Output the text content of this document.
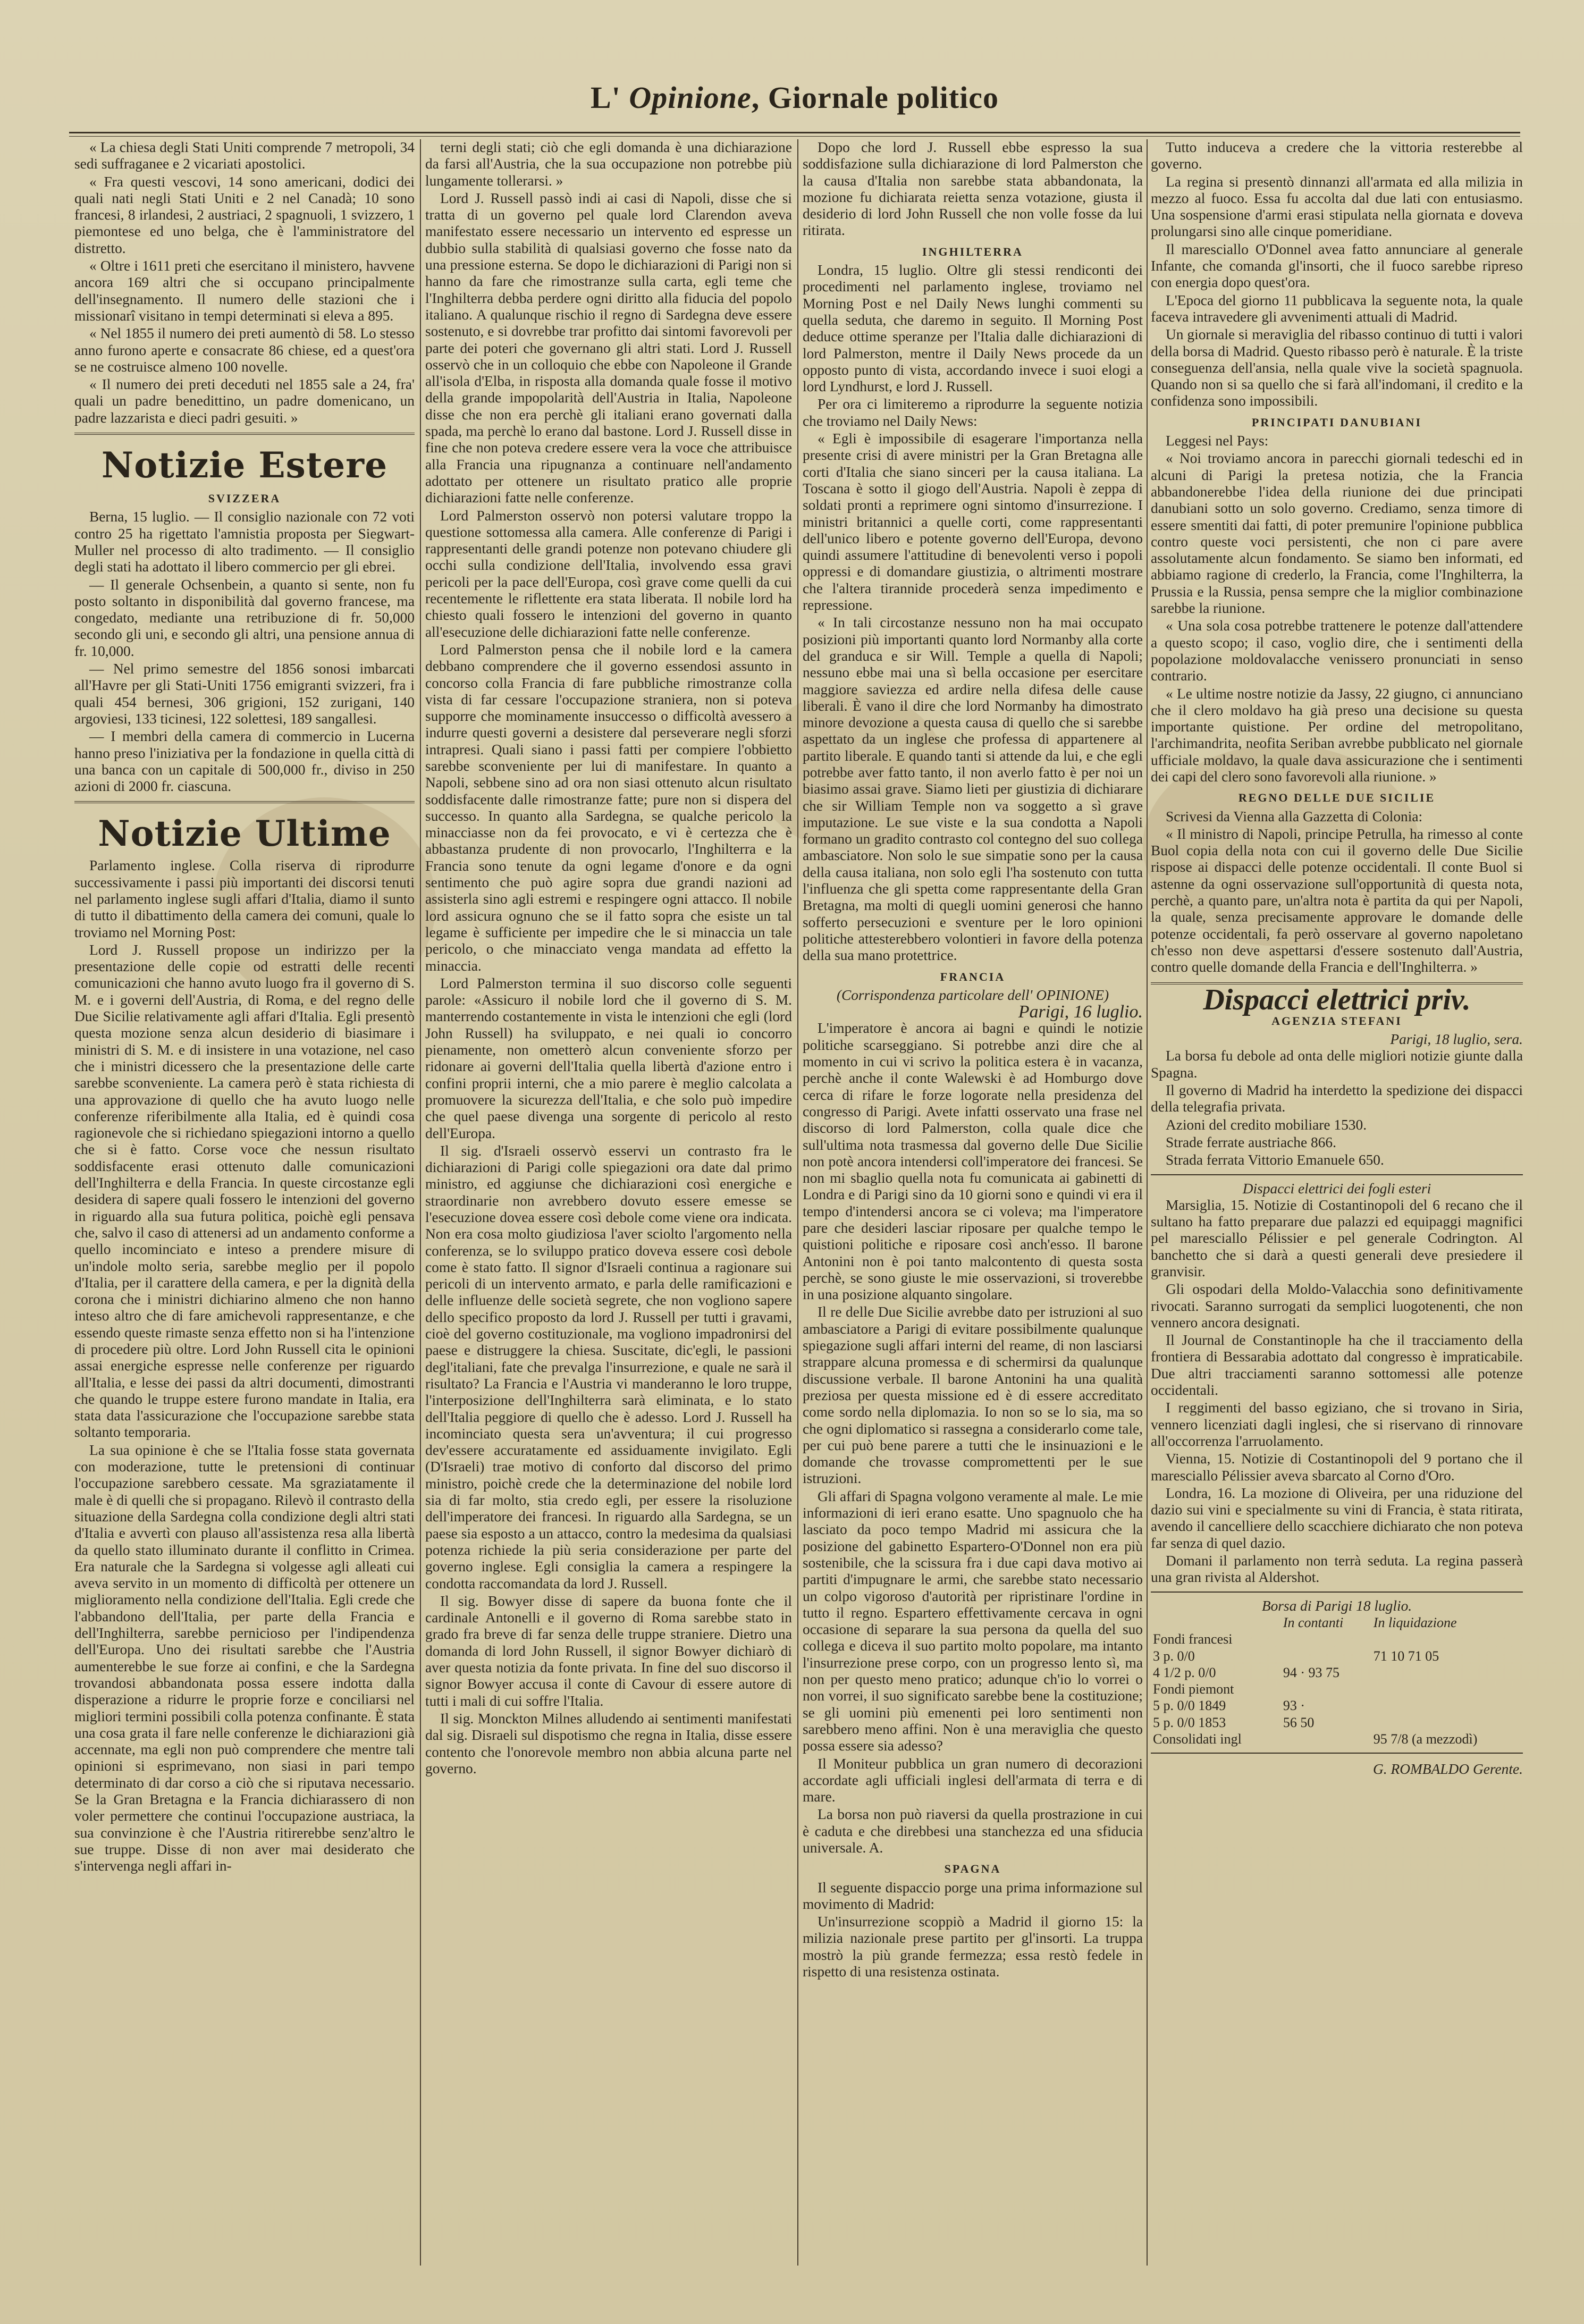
L' Opinione, Giornale politico

« La chiesa degli Stati Uniti comprende 7 metropoli, 34 sedi suffraganee e 2 vicariati apostolici.

« Fra questi vescovi, 14 sono americani, dodici dei quali nati negli Stati Uniti e 2 nel Canadà; 10 sono francesi, 8 irlandesi, 2 austriaci, 2 spagnuoli, 1 svizzero, 1 piemontese ed uno belga, che è l'amministratore del distretto.

« Oltre i 1611 preti che esercitano il ministero, havvene ancora 169 altri che si occupano principalmente dell'insegnamento. Il numero delle stazioni che i missionarî visitano in tempi determinati si eleva a 895.

« Nel 1855 il numero dei preti aumentò di 58. Lo stesso anno furono aperte e consacrate 86 chiese, ed a quest'ora se ne costruisce almeno 100 novelle.

« Il numero dei preti deceduti nel 1855 sale a 24, fra' quali un padre benedittino, un padre domenicano, un padre lazzarista e dieci padri gesuiti. »

Notizie Estere
SVIZZERA

Berna, 15 luglio. — Il consiglio nazionale con 72 voti contro 25 ha rigettato l'amnistia proposta per Siegwart-Muller nel processo di alto tradimento. — Il consiglio degli stati ha adottato il libero commercio per gli ebrei.

— Il generale Ochsenbein, a quanto si sente, non fu posto soltanto in disponibilità dal governo francese, ma congedato, mediante una retribuzione di fr. 50,000 secondo gli uni, e secondo gli altri, una pensione annua di fr. 10,000.

— Nel primo semestre del 1856 sonosi imbarcati all'Havre per gli Stati-Uniti 1756 emigranti svizzeri, fra i quali 454 bernesi, 306 grigioni, 152 zurigani, 140 argoviesi, 133 ticinesi, 122 solettesi, 189 sangallesi.

— I membri della camera di commercio in Lucerna hanno preso l'iniziativa per la fondazione in quella città di una banca con un capitale di 500,000 fr., diviso in 250 azioni di 2000 fr. ciascuna.

Notizie Ultime

Parlamento inglese. Colla riserva di riprodurre successivamente i passi più importanti dei discorsi tenuti nel parlamento inglese sugli affari d'Italia, diamo il sunto di tutto il dibattimento della camera dei comuni, quale lo troviamo nel Morning Post:

Lord J. Russell propose un indirizzo per la presentazione delle copie od estratti delle recenti comunicazioni che hanno avuto luogo fra il governo di S. M. e i governi dell'Austria, di Roma, e del regno delle Due Sicilie relativamente agli affari d'Italia. Egli presentò questa mozione senza alcun desiderio di biasimare i ministri di S. M. e di insistere in una votazione, nel caso che i ministri dicessero che la presentazione delle carte sarebbe sconveniente. La camera però è stata richiesta di una approvazione di quello che ha avuto luogo nelle conferenze riferibilmente alla Italia, ed è quindi cosa ragionevole che si richiedano spiegazioni intorno a quello che si è fatto. Corse voce che nessun risultato soddisfacente erasi ottenuto dalle comunicazioni dell'Inghilterra e della Francia. In queste circostanze egli desidera di sapere quali fossero le intenzioni del governo in riguardo alla sua futura politica, poichè egli pensava che, salvo il caso di attenersi ad un andamento conforme a quello incominciato e inteso a prendere misure di un'indole molto seria, sarebbe meglio per il popolo d'Italia, per il carattere della camera, e per la dignità della corona che i ministri dichiarino almeno che non hanno inteso altro che di fare amichevoli rappresentanze, e che essendo queste rimaste senza effetto non si ha l'intenzione di procedere più oltre. Lord John Russell cita le opinioni assai energiche espresse nelle conferenze per riguardo all'Italia, e lesse dei passi da altri documenti, dimostranti che quando le truppe estere furono mandate in Italia, era stata data l'assicurazione che l'occupazione sarebbe stata soltanto temporaria.

La sua opinione è che se l'Italia fosse stata governata con moderazione, tutte le pretensioni di continuar l'occupazione sarebbero cessate. Ma sgraziatamente il male è di quelli che si propagano. Rilevò il contrasto della situazione della Sardegna colla condizione degli altri stati d'Italia e avvertì con plauso all'assistenza resa alla libertà da quello stato illuminato durante il conflitto in Crimea. Era naturale che la Sardegna si volgesse agli alleati cui aveva servito in un momento di difficoltà per ottenere un miglioramento nella condizione dell'Italia. Egli crede che l'abbandono dell'Italia, per parte della Francia e dell'Inghilterra, sarebbe pernicioso per l'indipendenza dell'Europa. Uno dei risultati sarebbe che l'Austria aumenterebbe le sue forze ai confini, e che la Sardegna trovandosi abbandonata possa essere indotta dalla disperazione a ridurre le proprie forze e conciliarsi nel migliori termini possibili colla potenza confinante. È stata una cosa grata il fare nelle conferenze le dichiarazioni già accennate, ma egli non può comprendere che mentre tali opinioni si esprimevano, non siasi in pari tempo determinato di dar corso a ciò che si riputava necessario. Se la Gran Bretagna e la Francia dichiarassero di non voler permettere che continui l'occupazione austriaca, la sua convinzione è che l'Austria ritirerebbe senz'altro le sue truppe. Disse di non aver mai desiderato che s'intervenga negli affari in-

terni degli stati; ciò che egli domanda è una dichiarazione da farsi all'Austria, che la sua occupazione non potrebbe più lungamente tollerarsi. »

Lord J. Russell passò indi ai casi di Napoli, disse che si tratta di un governo pel quale lord Clarendon aveva manifestato essere necessario un intervento ed espresse un dubbio sulla stabilità di qualsiasi governo che fosse nato da una pressione esterna. Se dopo le dichiarazioni di Parigi non si hanno da fare che rimostranze sulla carta, egli teme che l'Inghilterra debba perdere ogni diritto alla fiducia del popolo italiano. A qualunque rischio il regno di Sardegna deve essere sostenuto, e si dovrebbe trar profitto dai sintomi favorevoli per parte dei poteri che governano gli altri stati. Lord J. Russell osservò che in un colloquio che ebbe con Napoleone il Grande all'isola d'Elba, in risposta alla domanda quale fosse il motivo della grande impopolarità dell'Austria in Italia, Napoleone disse che non era perchè gli italiani erano governati dalla spada, ma perchè lo erano dal bastone. Lord J. Russell disse in fine che non poteva credere essere vera la voce che attribuisce alla Francia una ripugnanza a continuare nell'andamento adottato per ottenere un risultato pratico alle proprie dichiarazioni fatte nelle conferenze.

Lord Palmerston osservò non potersi valutare troppo la questione sottomessa alla camera. Alle conferenze di Parigi i rappresentanti delle grandi potenze non potevano chiudere gli occhi sulla condizione dell'Italia, involvendo essa gravi pericoli per la pace dell'Europa, così grave come quelli da cui recentemente le riflettente era stata liberata. Il nobile lord ha chiesto quali fossero le intenzioni del governo in quanto all'esecuzione delle dichiarazioni fatte nelle conferenze.

Lord Palmerston pensa che il nobile lord e la camera debbano comprendere che il governo essendosi assunto in concorso colla Francia di fare pubbliche rimostranze colla vista di far cessare l'occupazione straniera, non si poteva supporre che mominamente insuccesso o difficoltà avessero a indurre questi governi a desistere dal perseverare negli sforzi intrapresi. Quali siano i passi fatti per compiere l'obbietto sarebbe sconveniente per lui di manifestare. In quanto a Napoli, sebbene sino ad ora non siasi ottenuto alcun risultato soddisfacente dalle rimostranze fatte; pure non si dispera del successo. In quanto alla Sardegna, se qualche pericolo la minacciasse non da fei provocato, e vi è certezza che è abbastanza prudente di non provocarlo, l'Inghilterra e la Francia sono tenute da ogni legame d'onore e da ogni sentimento che può agire sopra due grandi nazioni ad assisterla sino agli estremi e respingere ogni attacco. Il nobile lord assicura ognuno che se il fatto sopra che esiste un tal legame è sufficiente per impedire che le si minaccia un tale pericolo, o che minacciato venga mandata ad effetto la minaccia.

Lord Palmerston termina il suo discorso colle seguenti parole: «Assicuro il nobile lord che il governo di S. M. manterrendo costantemente in vista le intenzioni che egli (lord John Russell) ha sviluppato, e nei quali io concorro pienamente, non ometterò alcun conveniente sforzo per ridonare ai governi dell'Italia quella libertà d'azione entro i confini proprii interni, che a mio parere è meglio calcolata a promuovere la sicurezza dell'Italia, e che solo può impedire che quel paese divenga una sorgente di pericolo al resto dell'Europa.

Il sig. d'Israeli osservò esservi un contrasto fra le dichiarazioni di Parigi colle spiegazioni ora date dal primo ministro, ed aggiunse che dichiarazioni così energiche e straordinarie non avrebbero dovuto essere emesse se l'esecuzione dovea essere così debole come viene ora indicata. Non era cosa molto giudiziosa l'aver sciolto l'argomento nella conferenza, se lo sviluppo pratico doveva essere così debole come è stato fatto. Il signor d'Israeli continua a ragionare sui pericoli di un intervento armato, e parla delle ramificazioni e delle influenze delle società segrete, che non vogliono sapere dello specifico proposto da lord J. Russell per tutti i gravami, cioè del governo costituzionale, ma vogliono impadronirsi del paese e distruggere la chiesa. Suscitate, dic'egli, le passioni degl'italiani, fate che prevalga l'insurrezione, e quale ne sarà il risultato? La Francia e l'Austria vi manderanno le loro truppe, l'interposizione dell'Inghilterra sarà eliminata, e lo stato dell'Italia peggiore di quello che è adesso. Lord J. Russell ha incominciato questa sera un'avventura; il cui progresso dev'essere accuratamente ed assiduamente invigilato. Egli (D'Israeli) trae motivo di conforto dal discorso del primo ministro, poichè crede che la determinazione del nobile lord sia di far molto, stia credo egli, per essere la risoluzione dell'imperatore dei francesi. In riguardo alla Sardegna, se un paese sia esposto a un attacco, contro la medesima da qualsiasi potenza richiede la più seria considerazione per parte del governo inglese. Egli consiglia la camera a respingere la condotta raccomandata da lord J. Russell.

Il sig. Bowyer disse di sapere da buona fonte che il cardinale Antonelli e il governo di Roma sarebbe stato in grado fra breve di far senza delle truppe straniere. Dietro una domanda di lord John Russell, il signor Bowyer dichiarò di aver questa notizia da fonte privata. In fine del suo discorso il signor Bowyer accusa il conte di Cavour di essere autore di tutti i mali di cui soffre l'Italia.

Il sig. Monckton Milnes alludendo ai sentimenti manifestati dal sig. Disraeli sul dispotismo che regna in Italia, disse essere contento che l'onorevole membro non abbia alcuna parte nel governo.

Dopo che lord J. Russell ebbe espresso la sua soddisfazione sulla dichiarazione di lord Palmerston che la causa d'Italia non sarebbe stata abbandonata, la mozione fu dichiarata reietta senza votazione, giusta il desiderio di lord John Russell che non volle fosse da lui ritirata.

INGHILTERRA

Londra, 15 luglio. Oltre gli stessi rendiconti dei procedimenti nel parlamento inglese, troviamo nel Morning Post e nel Daily News lunghi commenti su quella seduta, che daremo in seguito. Il Morning Post deduce ottime speranze per l'Italia dalle dichiarazioni di lord Palmerston, mentre il Daily News procede da un opposto punto di vista, accordando invece i suoi elogi a lord Lyndhurst, e lord J. Russell.

Per ora ci limiteremo a riprodurre la seguente notizia che troviamo nel Daily News:

« Egli è impossibile di esagerare l'importanza nella presente crisi di avere ministri per la Gran Bretagna alle corti d'Italia che siano sinceri per la causa italiana. La Toscana è sotto il giogo dell'Austria. Napoli è zeppa di soldati pronti a reprimere ogni sintomo d'insurrezione. I ministri britannici a quelle corti, come rappresentanti dell'unico libero e potente governo dell'Europa, devono quindi assumere l'attitudine di benevolenti verso i popoli oppressi e di domandare giustizia, o altrimenti mostrare che l'altera tirannide procederà senza impedimento e repressione.

« In tali circostanze nessuno non ha mai occupato posizioni più importanti quanto lord Normanby alla corte del granduca e sir Will. Temple a quella di Napoli; nessuno ebbe mai una sì bella occasione per esercitare maggiore saviezza ed ardire nella difesa delle cause liberali. È vano il dire che lord Normanby ha dimostrato minore devozione a questa causa di quello che si sarebbe aspettato da un inglese che professa di appartenere al partito liberale. E quando tanti si attende da lui, e che egli potrebbe aver fatto tanto, il non averlo fatto è per noi un biasimo assai grave. Siamo lieti per giustizia di dichiarare che sir William Temple non va soggetto a sì grave imputazione. Le sue viste e la sua condotta a Napoli formano un gradito contrasto col contegno del suo collega ambasciatore. Non solo le sue simpatie sono per la causa della causa italiana, non solo egli l'ha sostenuto con tutta l'influenza che gli spetta come rappresentante della Gran Bretagna, ma molti di quegli uomini generosi che hanno sofferto persecuzioni e sventure per le loro opinioni politiche attesterebbero volontieri in favore della potenza della sua mano protettrice.

FRANCIA
(Corrispondenza particolare dell' OPINIONE)
Parigi, 16 luglio.

L'imperatore è ancora ai bagni e quindi le notizie politiche scarseggiano. Si potrebbe anzi dire che al momento in cui vi scrivo la politica estera è in vacanza, perchè anche il conte Walewski è ad Homburgo dove cerca di rifare le forze logorate nella presidenza del congresso di Parigi. Avete infatti osservato una frase nel discorso di lord Palmerston, colla quale dice che sull'ultima nota trasmessa dal governo delle Due Sicilie non potè ancora intendersi coll'imperatore dei francesi. Se non mi sbaglio quella nota fu comunicata ai gabinetti di Londra e di Parigi sino da 10 giorni sono e quindi vi era il tempo d'intendersi ancora se ci voleva; ma l'imperatore pare che desideri lasciar riposare per qualche tempo le quistioni politiche e riposare così anch'esso. Il barone Antonini non è poi tanto malcontento di questa sosta perchè, se sono giuste le mie osservazioni, si troverebbe in una posizione alquanto singolare.

Il re delle Due Sicilie avrebbe dato per istruzioni al suo ambasciatore a Parigi di evitare possibilmente qualunque spiegazione sugli affari interni del reame, di non lasciarsi strappare alcuna promessa e di schermirsi da qualunque discussione verbale. Il barone Antonini ha una qualità preziosa per questa missione ed è di essere accreditato come sordo nella diplomazia. Io non so se lo sia, ma so che ogni diplomatico si rassegna a considerarlo come tale, per cui può bene parere a tutti che le insinuazioni e le domande che trovasse compromettenti per le sue istruzioni.

Gli affari di Spagna volgono veramente al male. Le mie informazioni di ieri erano esatte. Uno spagnuolo che ha lasciato da poco tempo Madrid mi assicura che la posizione del gabinetto Espartero-O'Donnel non era più sostenibile, che la scissura fra i due capi dava motivo ai partiti d'impugnare le armi, che sarebbe stato necessario un colpo vigoroso d'autorità per ripristinare l'ordine in tutto il regno. Espartero effettivamente cercava in ogni occasione di separare la sua persona da quella del suo collega e diceva il suo partito molto popolare, ma intanto l'insurrezione prese corpo, con un progresso lento sì, ma non per questo meno pratico; adunque ch'io lo vorrei o non vorrei, il suo significato sarebbe bene la costituzione; se gli uomini più emenenti pei loro sentimenti non sarebbero meno affini. Non è una meraviglia che questo possa essere sia adesso?

Il Moniteur pubblica un gran numero di decorazioni accordate agli ufficiali inglesi dell'armata di terra e di mare.

La borsa non può riaversi da quella prostrazione in cui è caduta e che direbbesi una stanchezza ed una sfiducia universale. A.

SPAGNA

Il seguente dispaccio porge una prima informazione sul movimento di Madrid:

Un'insurrezione scoppiò a Madrid il giorno 15: la milizia nazionale prese partito per gl'insorti. La truppa mostrò la più grande fermezza; essa restò fedele in rispetto di una resistenza ostinata.

Tutto induceva a credere che la vittoria resterebbe al governo.

La regina si presentò dinnanzi all'armata ed alla milizia in mezzo al fuoco. Essa fu accolta dal due lati con entusiasmo. Una sospensione d'armi erasi stipulata nella giornata e doveva prolungarsi sino alle cinque pomeridiane.

Il maresciallo O'Donnel avea fatto annunciare al generale Infante, che comanda gl'insorti, che il fuoco sarebbe ripreso con energia dopo quest'ora.

L'Epoca del giorno 11 pubblicava la seguente nota, la quale faceva intravedere gli avvenimenti attuali di Madrid.

Un giornale si meraviglia del ribasso continuo di tutti i valori della borsa di Madrid. Questo ribasso però è naturale. È la triste conseguenza dell'ansia, nella quale vive la società spagnuola. Quando non si sa quello che si farà all'indomani, il credito e la confidenza sono impossibili.

PRINCIPATI DANUBIANI

Leggesi nel Pays:

« Noi troviamo ancora in parecchi giornali tedeschi ed in alcuni di Parigi la pretesa notizia, che la Francia abbandonerebbe l'idea della riunione dei due principati danubiani sotto un solo governo. Crediamo, senza timore di essere smentiti dai fatti, di poter premunire l'opinione pubblica contro queste voci persistenti, che non ci pare avere assolutamente alcun fondamento. Se siamo ben informati, ed abbiamo ragione di crederlo, la Francia, come l'Inghilterra, la Prussia e la Russia, pensa sempre che la miglior combinazione sarebbe la riunione.

« Una sola cosa potrebbe trattenere le potenze dall'attendere a questo scopo; il caso, voglio dire, che i sentimenti della popolazione moldovalacche venissero pronunciati in senso contrario.

« Le ultime nostre notizie da Jassy, 22 giugno, ci annunciano che il clero moldavo ha già preso una decisione su questa importante quistione. Per ordine del metropolitano, l'archimandrita, neofita Seriban avrebbe pubblicato nel giornale ufficiale moldavo, la quale dava assicurazione che i sentimenti dei capi del clero sono favorevoli alla riunione. »

REGNO DELLE DUE SICILIE

Scrivesi da Vienna alla Gazzetta di Colonia:

« Il ministro di Napoli, principe Petrulla, ha rimesso al conte Buol copia della nota con cui il governo delle Due Sicilie rispose ai dispacci delle potenze occidentali. Il conte Buol si astenne da ogni osservazione sull'opportunità di questa nota, perchè, a quanto pare, un'altra nota è partita da qui per Napoli, la quale, senza precisamente approvare le domande delle potenze occidentali, fa però osservare al governo napoletano ch'esso non deve aspettarsi d'essere sostenuto dall'Austria, contro quelle domande della Francia e dell'Inghilterra. »

Dispacci elettrici priv.
AGENZIA STEFANI
Parigi, 18 luglio, sera.

La borsa fu debole ad onta delle migliori notizie giunte dalla Spagna.

Il governo di Madrid ha interdetto la spedizione dei dispacci della telegrafia privata.

Azioni del credito mobiliare 1530.

Strade ferrate austriache 866.

Strada ferrata Vittorio Emanuele 650.

Dispacci elettrici dei fogli esteri

Marsiglia, 15. Notizie di Costantinopoli del 6 recano che il sultano ha fatto preparare due palazzi ed equipaggi magnifici pel maresciallo Pélissier e pel generale Codrington. Al banchetto che si darà a questi generali deve presiedere il granvisir.

Gli ospodari della Moldo-Valacchia sono definitivamente rivocati. Saranno surrogati da semplici luogotenenti, che non vennero ancora designati.

Il Journal de Constantinople ha che il tracciamento della frontiera di Bessarabia adottato dal congresso è impraticabile. Due altri tracciamenti saranno sottomessi alle potenze occidentali.

I reggimenti del basso egiziano, che si trovano in Siria, vennero licenziati dagli inglesi, che si riservano di rinnovare all'occorrenza l'arruolamento.

Vienna, 15. Notizie di Costantinopoli del 9 portano che il maresciallo Pélissier aveva sbarcato al Corno d'Oro.

Londra, 16. La mozione di Oliveira, per una riduzione del dazio sui vini e specialmente su vini di Francia, è stata ritirata, avendo il cancelliere dello scacchiere dichiarato che non poteva far senza di quel dazio.

Domani il parlamento non terrà seduta. La regina passerà una gran rivista al Aldershot.

Borsa di Parigi 18 luglio.
	In contanti	In liquidazione
Fondi francesi		
3 p. 0/0		71 10 71 05
4 1/2 p. 0/0	94 · 93 75	
Fondi piemont		
5 p. 0/0 1849	93 ·	
5 p. 0/0 1853	56 50	
Consolidati ingl		95 7/8 (a mezzodì)
G. ROMBALDO Gerente.
